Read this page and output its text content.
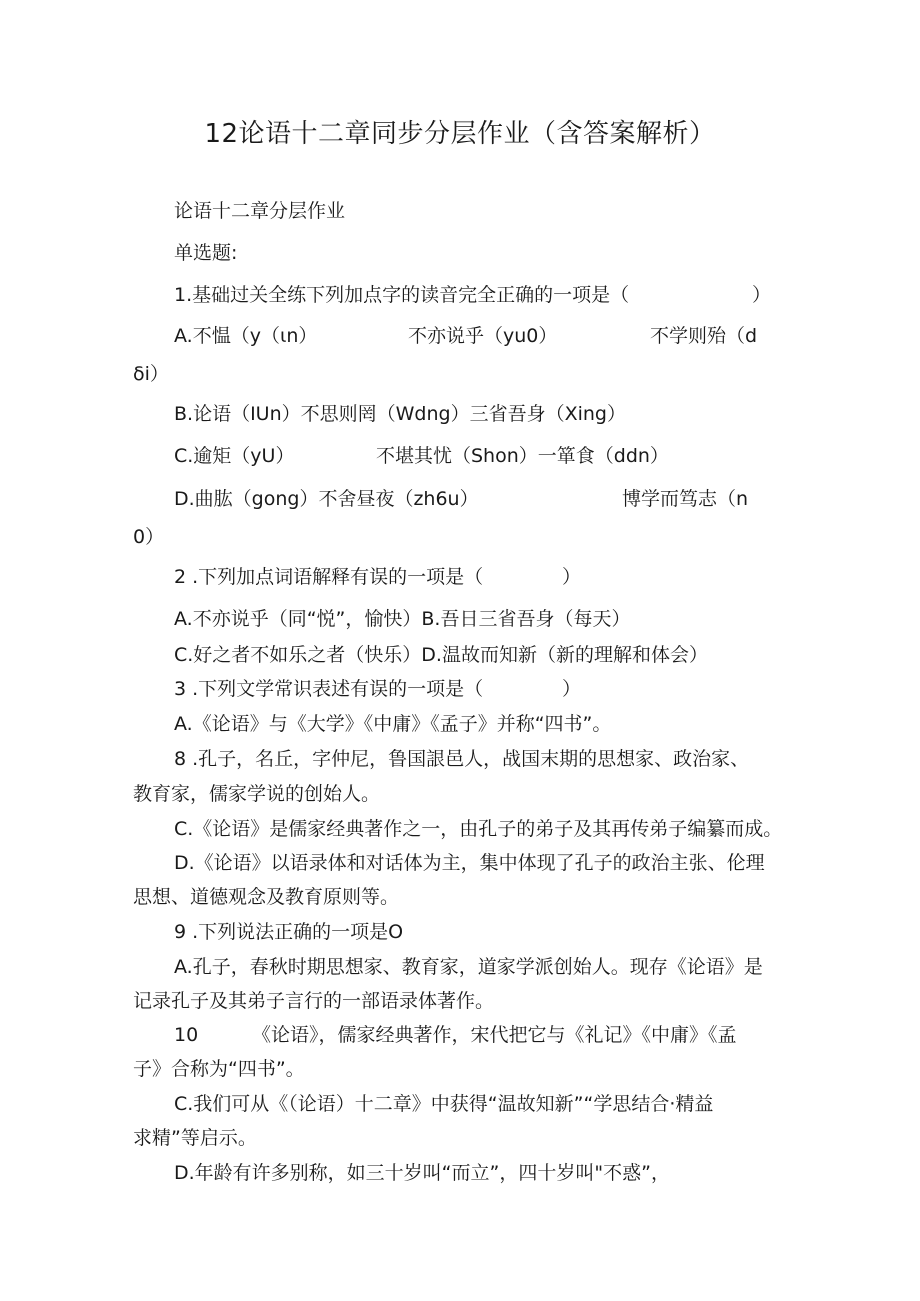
12论语十二章同步分层作业（含答案解析）
论语十二章分层作业
单选题:
1.基础过关全练下列加点字的读音完全正确的一项是（	）
A.不愠（y（ιn）	不亦说乎（yu0）	不学则殆（d
δi）
B.论语（IUn）不思则罔（Wdng）三省吾身（Xing）
C.逾矩（yU）	不堪其忧（Shon）一箪食（ddn）
D.曲肱（gong）不舍昼夜（zh6u）	博学而笃志（n
0）
2 .下列加点词语解释有误的一项是（	）
A.不亦说乎（同“悦”，愉快）B.吾日三省吾身（每天）
C.好之者不如乐之者（快乐）D.温故而知新（新的理解和体会）
3 .下列文学常识表述有误的一项是（	）
A.《论语》与《大学》《中庸》《孟子》并称“四书”。
8 .孔子，名丘，字仲尼，鲁国詪邑人，战国末期的思想家、政治家、
教育家，儒家学说的创始人。
C.《论语》是儒家经典著作之一，由孔子的弟子及其再传弟子编纂而成。
D.《论语》以语录体和对话体为主，集中体现了孔子的政治主张、伦理
思想、道德观念及教育原则等。
9 .下列说法正确的一项是O
A.孔子，春秋时期思想家、教育家，道家学派创始人。现存《论语》是
记录孔子及其弟子言行的一部语录体著作。
10	《论语》，儒家经典著作，宋代把它与《礼记》《中庸》《孟
子》合称为“四书”。
C.我们可从《（论语）十二章》中获得“温故知新”“学思结合·精益
求精”等启示。
D.年龄有许多别称，如三十岁叫“而立”，四十岁叫"不惑”，
